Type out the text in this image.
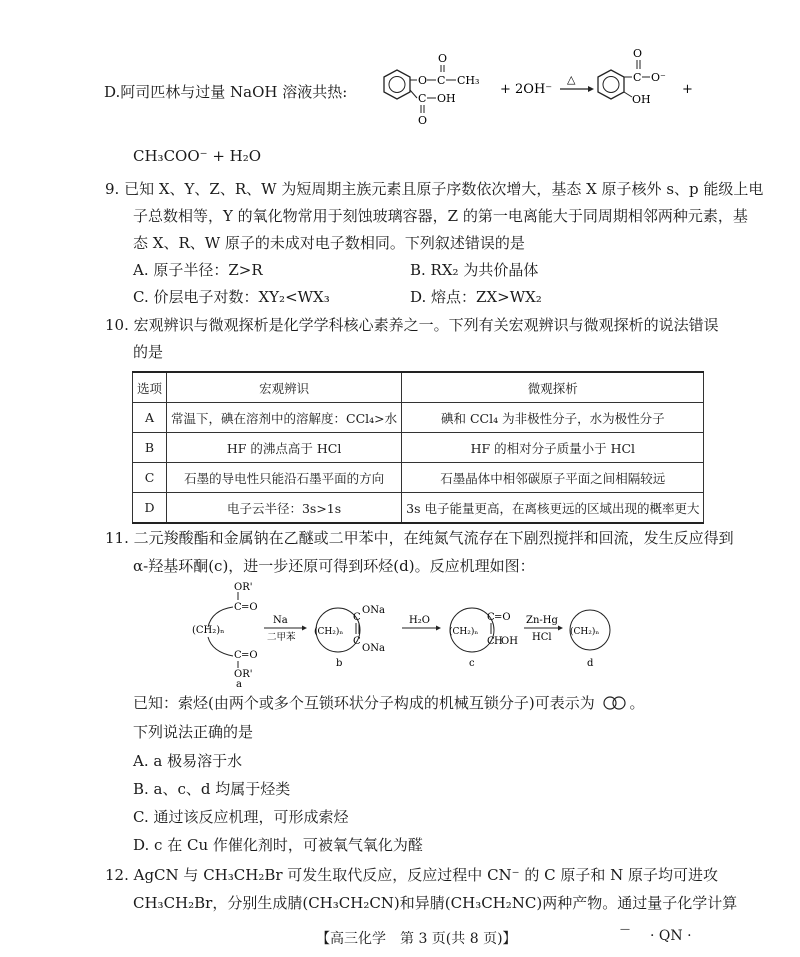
D.阿司匹林与过量 NaOH 溶液共热:
O C
O
CH₃
C OH
O
+ 2OH⁻
△	C
O
O⁻
OH
+
CH₃COO⁻ + H₂O
9. 已知 X、Y、Z、R、W 为短周期主族元素且原子序数依次增大，基态 X 原子核外 s、p 能级上电
子总数相等，Y 的氧化物常用于刻蚀玻璃容器，Z 的第一电离能大于同周期相邻两种元素，基
态 X、R、W 原子的未成对电子数相同。下列叙述错误的是
A. 原子半径：Z>R	B. RX₂ 为共价晶体
C. 价层电子对数：XY₂<WX₃	D. 熔点：ZX>WX₂
10. 宏观辨识与微观探析是化学学科核心素养之一。下列有关宏观辨识与微观探析的说法错误
的是
选项	宏观辨识	微观探析
A	常温下，碘在溶剂中的溶解度：CCl₄>水	碘和 CCl₄ 为非极性分子，水为极性分子
B	HF 的沸点高于 HCl	HF 的相对分子质量小于 HCl
C	石墨的导电性只能沿石墨平面的方向	石墨晶体中相邻碳原子平面之间相隔较远
D	电子云半径：3s>1s	3s 电子能量更高，在离核更远的区域出现的概率更大
11. 二元羧酸酯和金属钠在乙醚或二甲苯中，在纯氮气流存在下剧烈搅拌和回流，发生反应得到
α-羟基环酮(c)，进一步还原可得到环烃(d)。反应机理如图：
OR'
C =O
(CH₂)ₙ
C =O
OR'
a
Na
二甲苯 (CH₂)ₙ
C
ONa
C
ONa
b
H₂O
(CH₂)ₙ
C =O
C H
OH
c
Zn-Hg
HCl (CH₂)ₙ
d
已知：索烃(由两个或多个互锁环状分子构成的机械互锁分子)可表示为 。
下列说法正确的是
A. a 极易溶于水
B. a、c、d 均属于烃类
C. 通过该反应机理，可形成索烃
D. c 在 Cu 作催化剂时，可被氧气氧化为醛
12. AgCN 与 CH₃CH₂Br 可发生取代反应，反应过程中 CN⁻ 的 C 原子和 N 原子均可进攻
CH₃CH₂Br，分别生成腈(CH₃CH₂CN)和异腈(CH₃CH₂NC)两种产物。通过量子化学计算
【高三化学　第 3 页(共 8 页)】
— · QN ·
